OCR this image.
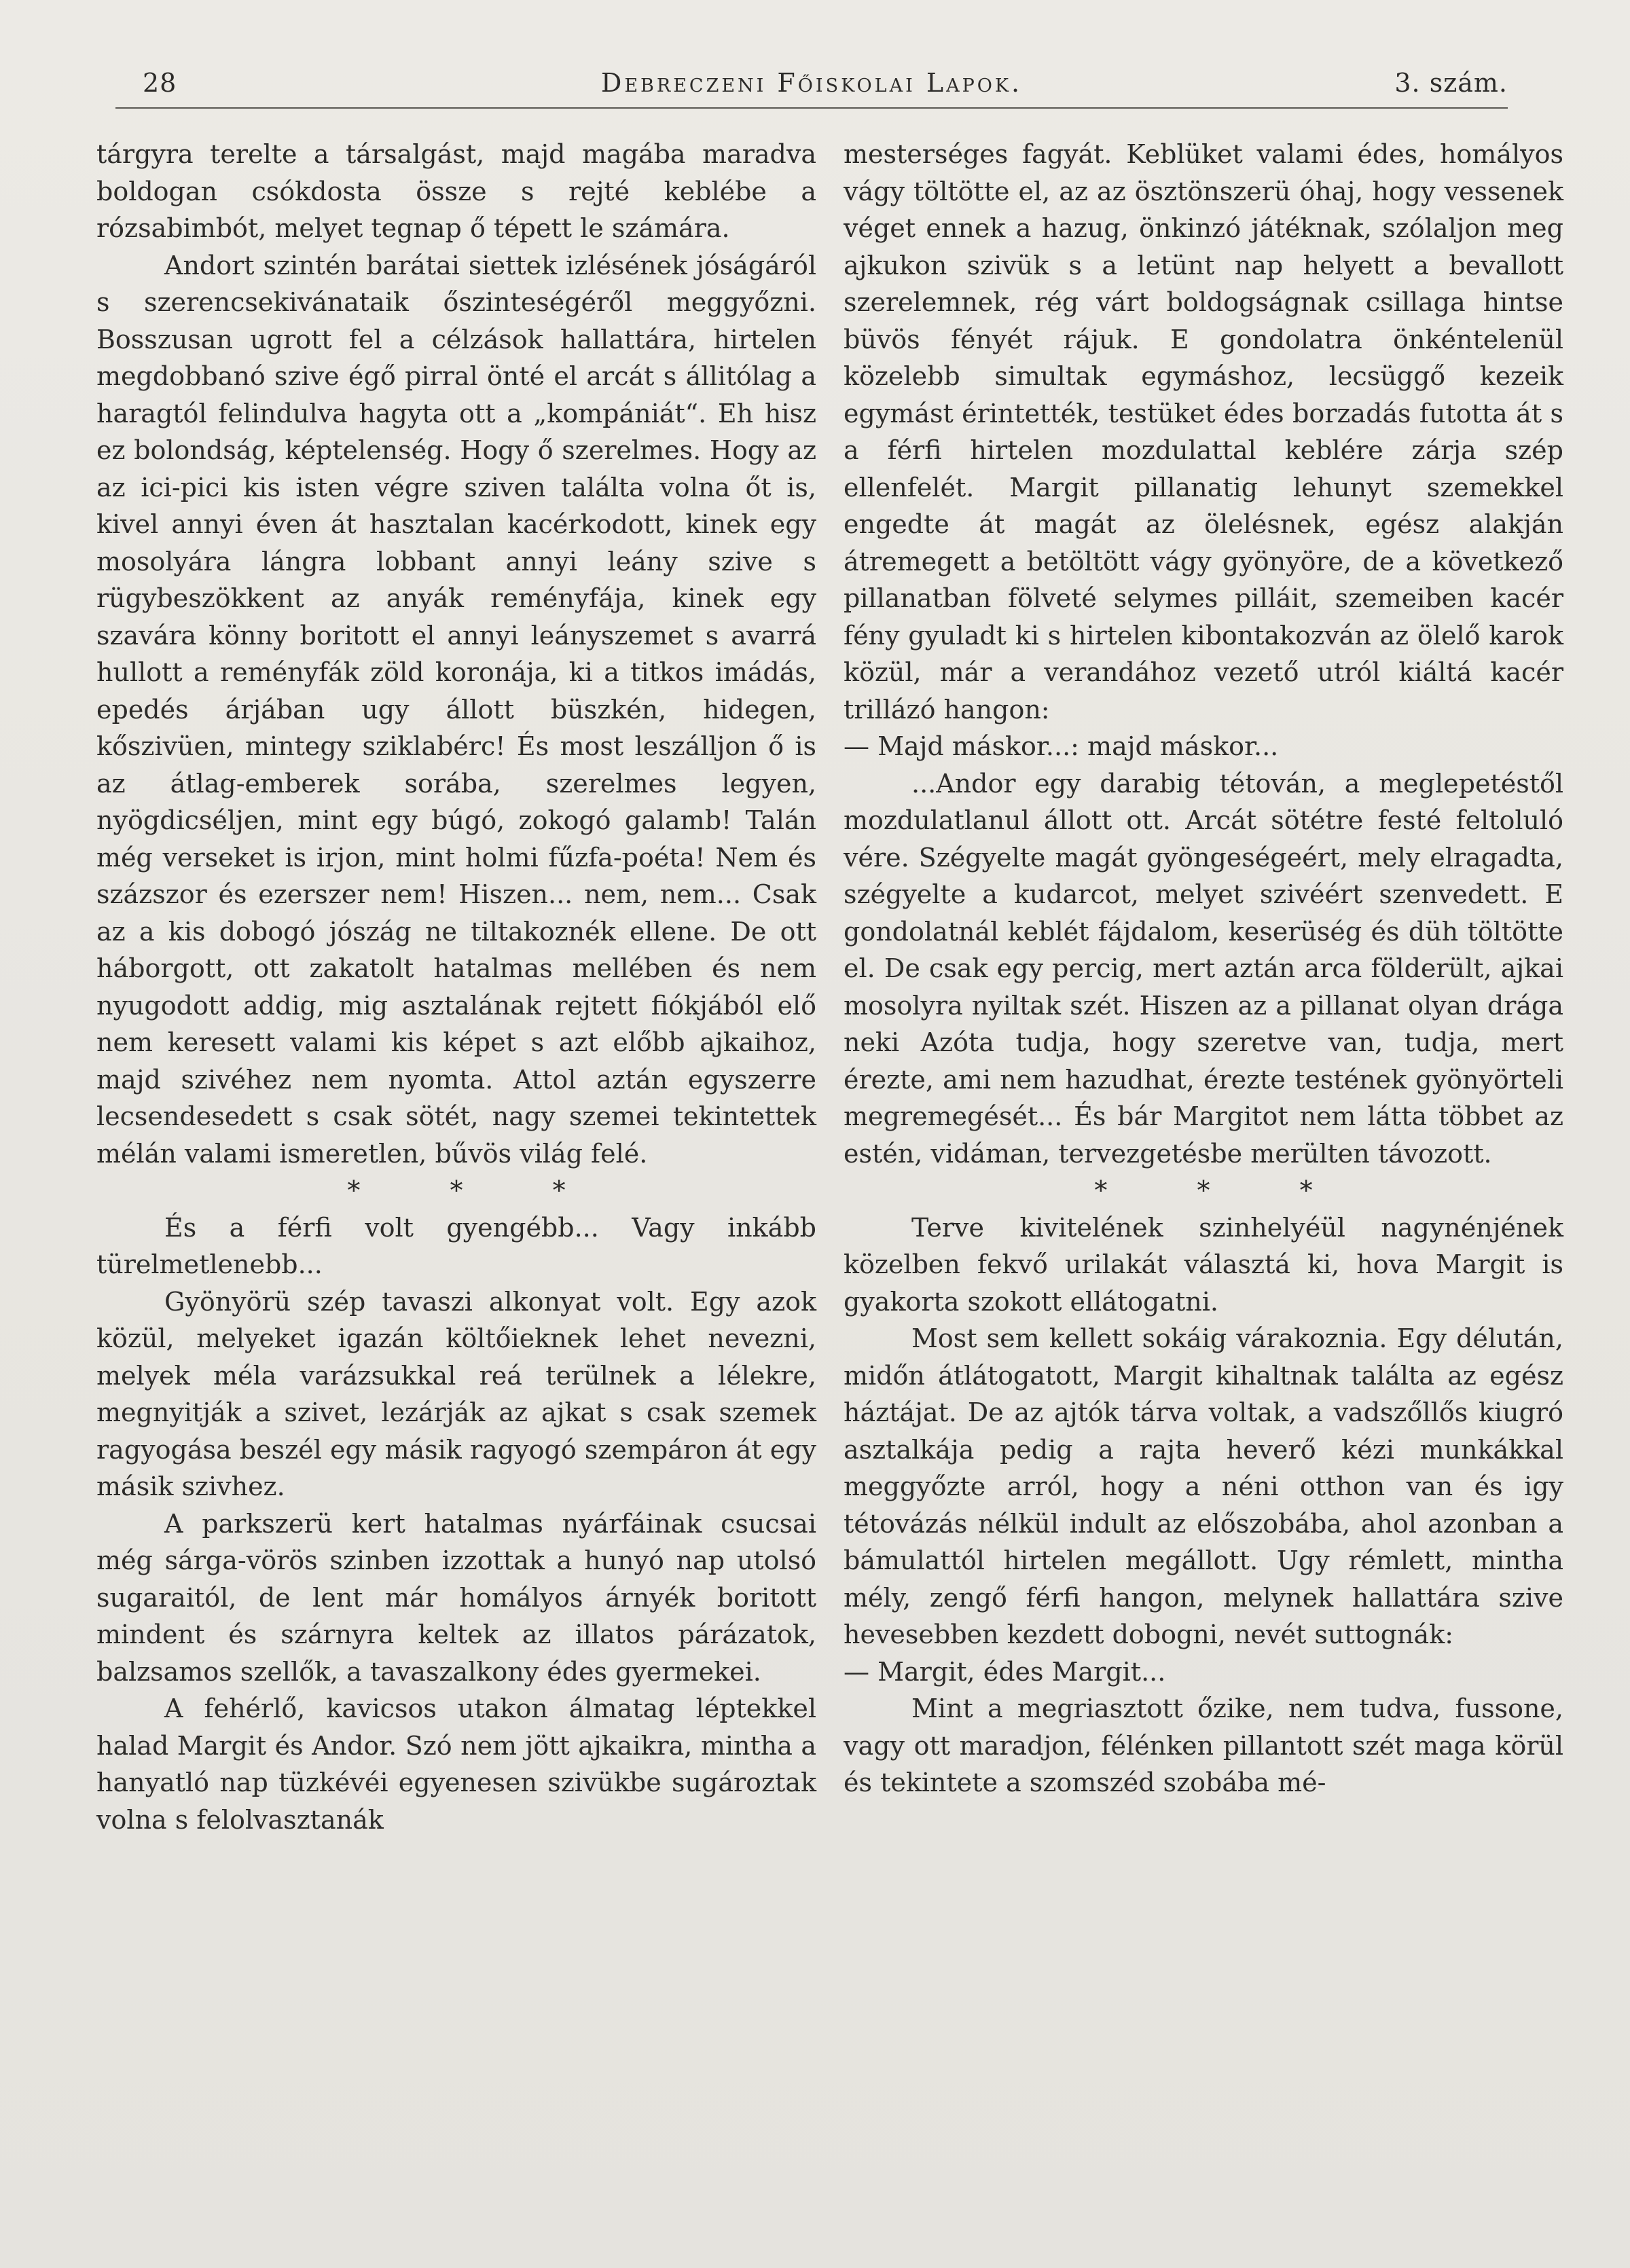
28	Debreczeni Főiskolai Lapok.	3. szám.

tárgyra terelte a társalgást, majd magába maradva boldogan csókdosta össze s rejté keblébe a rózsabimbót, melyet tegnap ő tépett le számára.

Andort szintén barátai siettek izlésének jóságáról s szerencsekivánataik őszinteségéről meggyőzni. Bosszusan ugrott fel a célzások hallattára, hirtelen megdobbanó szive égő pirral önté el arcát s állitólag a haragtól felindulva hagyta ott a „kompániát“. Eh hisz ez bolondság, képtelenség. Hogy ő szerelmes. Hogy az az ici-pici kis isten végre sziven találta volna őt is, kivel annyi éven át hasztalan kacérkodott, kinek egy mosolyára lángra lobbant annyi leány szive s rügybeszökkent az anyák reményfája, kinek egy szavára könny boritott el annyi leányszemet s avarrá hullott a reményfák zöld koronája, ki a titkos imádás, epedés árjában ugy állott büszkén, hidegen, kőszivüen, mintegy sziklabérc! És most leszálljon ő is az átlag-emberek sorába, szerelmes legyen, nyögdicséljen, mint egy búgó, zokogó galamb! Talán még verseket is irjon, mint holmi fűzfa-poéta! Nem és százszor és ezerszer nem! Hiszen... nem, nem... Csak az a kis dobogó jószág ne tiltakoznék ellene. De ott háborgott, ott zakatolt hatalmas mellében és nem nyugodott addig, mig asztalának rejtett fiókjából elő nem keresett valami kis képet s azt előbb ajkaihoz, majd szivéhez nem nyomta. Attol aztán egyszerre lecsendesedett s csak sötét, nagy szemei tekintettek mélán valami ismeretlen, bűvös világ felé.

* * *

És a férfi volt gyengébb... Vagy inkább türelmetlenebb...

Gyönyörü szép tavaszi alkonyat volt. Egy azok közül, melyeket igazán költőieknek lehet nevezni, melyek méla varázsukkal reá terülnek a lélekre, megnyitják a szivet, lezárják az ajkat s csak szemek ragyogása beszél egy másik ragyogó szempáron át egy másik szivhez.

A parkszerü kert hatalmas nyárfáinak csucsai még sárga-vörös szinben izzottak a hunyó nap utolsó sugaraitól, de lent már homályos árnyék boritott mindent és szárnyra keltek az illatos párázatok, balzsamos szellők, a tavaszalkony édes gyermekei.

A fehérlő, kavicsos utakon álmatag léptekkel halad Margit és Andor. Szó nem jött ajkaikra, mintha a hanyatló nap tüzkévéi egyenesen szivükbe sugároztak volna s felolvasztanák

mesterséges fagyát. Keblüket valami édes, homályos vágy töltötte el, az az ösztönszerü óhaj, hogy vessenek véget ennek a hazug, önkinzó játéknak, szólaljon meg ajkukon szivük s a letünt nap helyett a bevallott szerelemnek, rég várt boldogságnak csillaga hintse büvös fényét rájuk. E gondolatra önkéntelenül közelebb simultak egymáshoz, lecsüggő kezeik egymást érintették, testüket édes borzadás futotta át s a férfi hirtelen mozdulattal keblére zárja szép ellenfelét. Margit pillanatig lehunyt szemekkel engedte át magát az ölelésnek, egész alakján átremegett a betöltött vágy gyönyöre, de a következő pillanatban fölveté selymes pilláit, szemeiben kacér fény gyuladt ki s hirtelen kibontakozván az ölelő karok közül, már a verandához vezető utról kiáltá kacér trillázó hangon:

— Majd máskor...: majd máskor...

...Andor egy darabig tétován, a meglepetéstől mozdulatlanul állott ott. Arcát sötétre festé feltoluló vére. Szégyelte magát gyöngeségeért, mely elragadta, szégyelte a kudarcot, melyet szivéért szenvedett. E gondolatnál keblét fájdalom, keserüség és düh töltötte el. De csak egy percig, mert aztán arca földerült, ajkai mosolyra nyiltak szét. Hiszen az a pillanat olyan drága neki Azóta tudja, hogy szeretve van, tudja, mert érezte, ami nem hazudhat, érezte testének gyönyörteli megremegését... És bár Margitot nem látta többet az estén, vidáman, tervezgetésbe merülten távozott.

* * *

Terve kivitelének szinhelyéül nagynénjének közelben fekvő urilakát választá ki, hova Margit is gyakorta szokott ellátogatni.

Most sem kellett sokáig várakoznia. Egy délután, midőn átlátogatott, Margit kihaltnak találta az egész háztájat. De az ajtók tárva voltak, a vadszőllős kiugró asztalkája pedig a rajta heverő kézi munkákkal meggyőzte arról, hogy a néni otthon van és igy tétovázás nélkül indult az előszobába, ahol azonban a bámulattól hirtelen megállott. Ugy rémlett, mintha mély, zengő férfi hangon, melynek hallattára szive hevesebben kezdett dobogni, nevét suttognák:

— Margit, édes Margit...

Mint a megriasztott őzike, nem tudva, fussone, vagy ott maradjon, félénken pillantott szét maga körül és tekintete a szomszéd szobába mé-
